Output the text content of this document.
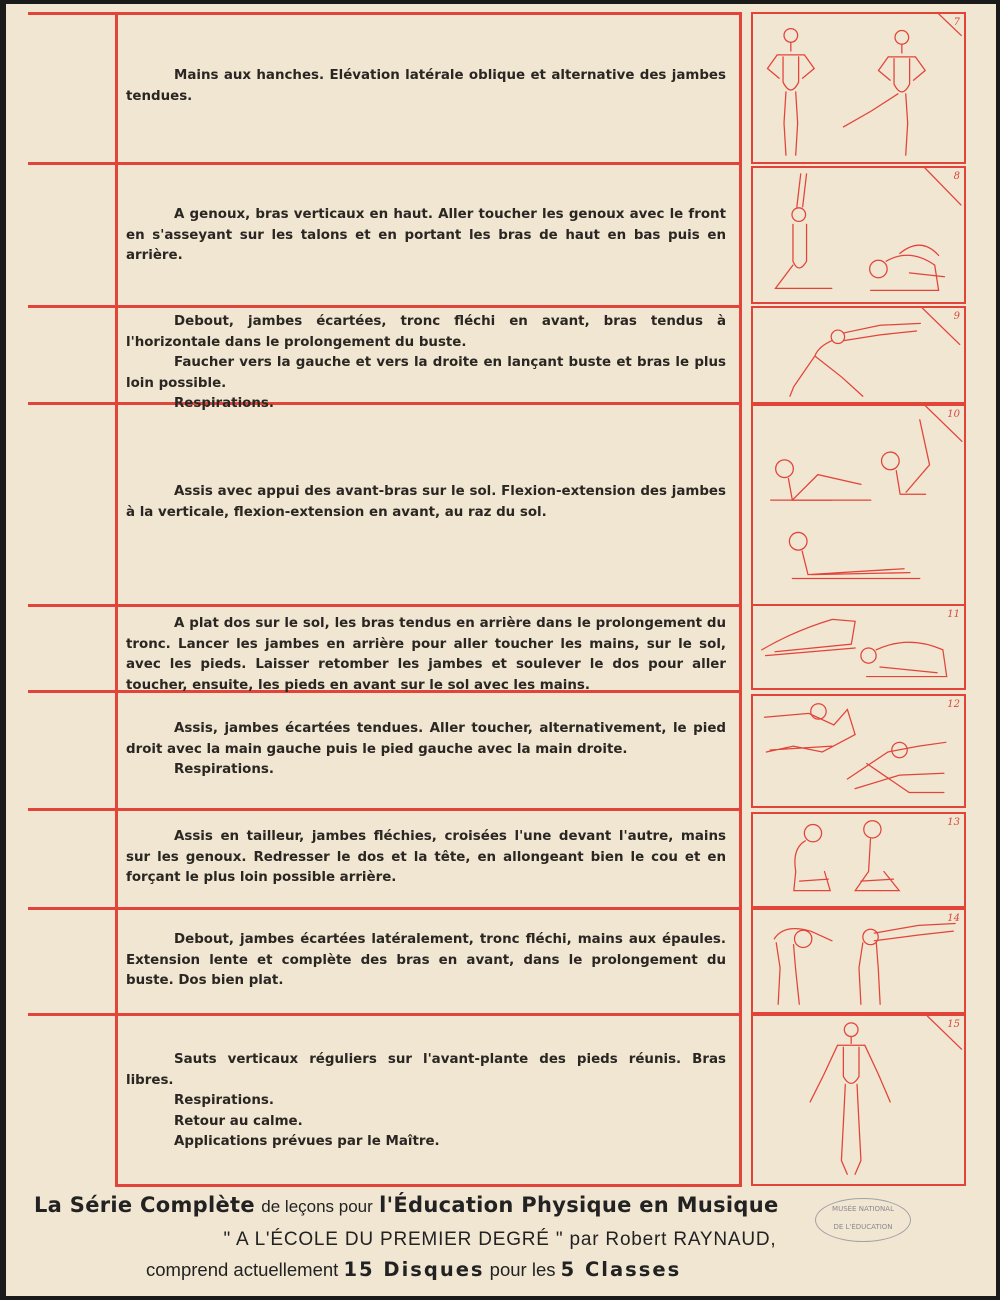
Mains aux hanches. Elévation latérale oblique et alternative des jambes tendues.

A genoux, bras verticaux en haut. Aller toucher les genoux avec le front en s'asseyant sur les talons et en portant les bras de haut en bas puis en arrière.

Debout, jambes écartées, tronc fléchi en avant, bras tendus à l'horizontale dans le prolongement du buste.

Faucher vers la gauche et vers la droite en lançant buste et bras le plus loin possible.

Respirations.

Assis avec appui des avant-bras sur le sol. Flexion-extension des jambes à la verticale, flexion-extension en avant, au raz du sol.

A plat dos sur le sol, les bras tendus en arrière dans le prolongement du tronc. Lancer les jambes en arrière pour aller toucher les mains, sur le sol, avec les pieds. Laisser retomber les jambes et soulever le dos pour aller toucher, ensuite, les pieds en avant sur le sol avec les mains.

Assis, jambes écartées tendues. Aller toucher, alternativement, le pied droit avec la main gauche puis le pied gauche avec la main droite.

Respirations.

Assis en tailleur, jambes fléchies, croisées l'une devant l'autre, mains sur les genoux. Redresser le dos et la tête, en allongeant bien le cou et en forçant le plus loin possible arrière.

Debout, jambes écartées latéralement, tronc fléchi, mains aux épaules. Extension lente et complète des bras en avant, dans le prolongement du buste. Dos bien plat.

Sauts verticaux réguliers sur l'avant-plante des pieds réunis. Bras libres.

Respirations.

Retour au calme.

Applications prévues par le Maître.

7
8
9
10
11
12
13
14
15
La Série Complète de leçons pour l'Éducation Physique en Musique
" A L'ÉCOLE DU PREMIER DEGRÉ " par Robert RAYNAUD,
comprend actuellement 15 Disques pour les 5 Classes
MUSÉE NATIONAL
DE L'ÉDUCATION
